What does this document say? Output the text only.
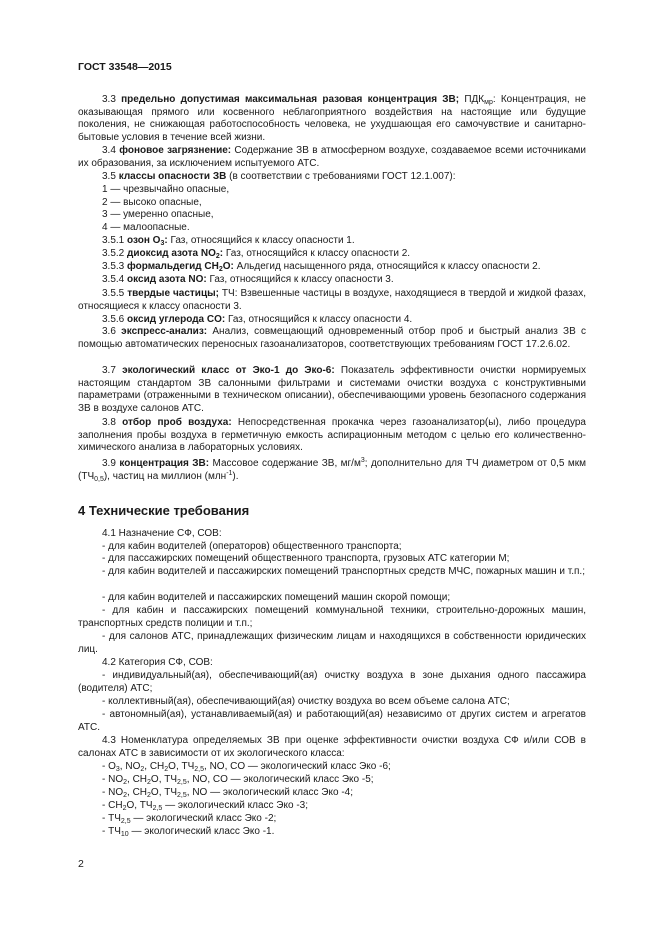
ГОСТ 33548—2015

3.3 предельно допустимая максимальная разовая концентрация ЗВ; $ПДК_{мр}$: Концентрация, не оказывающая прямого или косвенного неблагоприятного воздействия на настоящие или будущие поколения, не снижающая работоспособность человека, не ухудшающая его самочувствие и санитарно-бытовые условия в течение всей жизни.

3.4 фоновое загрязнение: Содержание ЗВ в атмосферном воздухе, создаваемое всеми источниками их образования, за исключением испытуемого АТС.

3.5 классы опасности ЗВ (в соответствии с требованиями ГОСТ 12.1.007):

1 — чрезвычайно опасные,

2 — высоко опасные,

3 — умеренно опасные,

4 — малоопасные.

3.5.1 озон $О_3$: Газ, относящийся к классу опасности 1.

3.5.2 диоксид азота $NO_2$: Газ, относящийся к классу опасности 2.

3.5.3 формальдегид $CH_2O$: Альдегид насыщенного ряда, относящийся к классу опасности 2.

3.5.4 оксид азота NO: Газ, относящийся к классу опасности 3.

3.5.5 твердые частицы; ТЧ: Взвешенные частицы в воздухе, находящиеся в твердой и жидкой фазах, относящиеся к классу опасности 3.

3.5.6 оксид углерода CO: Газ, относящийся к классу опасности 4.

3.6 экспресс-анализ: Анализ, совмещающий одновременный отбор проб и быстрый анализ ЗВ с помощью автоматических переносных газоанализаторов, соответствующих требованиям ГОСТ 17.2.6.02.

3.7 экологический класс от Эко-1 до Эко-6: Показатель эффективности очистки нормируемых настоящим стандартом ЗВ салонными фильтрами и системами очистки воздуха с конструктивными параметрами (отраженными в техническом описании), обеспечивающими уровень безопасного содержания ЗВ в воздухе салонов АТС.

3.8 отбор проб воздуха: Непосредственная прокачка через газоанализатор(ы), либо процедура заполнения пробы воздуха в герметичную емкость аспирационным методом с целью его количественно-химического анализа в лабораторных условиях.

3.9 концентрация ЗВ: Массовое содержание ЗВ, $мг/м^3$; дополнительно для ТЧ диаметром от 0,5 мкм $(ТЧ_{0,5})$, частиц на миллион (млн$^{-1}$).

4 Технические требования

4.1 Назначение СФ, СОВ:

- для кабин водителей (операторов) общественного транспорта;

- для пассажирских помещений общественного транспорта, грузовых АТС категории М;

- для кабин водителей и пассажирских помещений транспортных средств МЧС, пожарных машин и т.п.;

- для кабин водителей и пассажирских помещений машин скорой помощи;

- для кабин и пассажирских помещений коммунальной техники, строительно-дорожных машин, транспортных средств полиции и т.п.;

- для салонов АТС, принадлежащих физическим лицам и находящихся в собственности юридических лиц.

4.2 Категория СФ, СОВ:

- индивидуальный(ая), обеспечивающий(ая) очистку воздуха в зоне дыхания одного пассажира (водителя) АТС;

- коллективный(ая), обеспечивающий(ая) очистку воздуха во всем объеме салона АТС;

- автономный(ая), устанавливаемый(ая) и работающий(ая) независимо от других систем и агрегатов АТС.

4.3 Номенклатура определяемых ЗВ при оценке эффективности очистки воздуха СФ и/или СОВ в салонах АТС в зависимости от их экологического класса:

- $O_3$, $NO_2$, $CH_2O$, $ТЧ_{2,5}$, NO, CO — экологический класс Эко -6;

- $NO_2$, $CH_2O$, $ТЧ_{2,5}$, NO, CO — экологический класс Эко -5;

- $NO_2$, $CH_2O$, $ТЧ_{2,5}$, NO — экологический класс Эко -4;

- $CH_2O$, $ТЧ_{2,5}$ — экологический класс Эко -3;

- $ТЧ_{2,5}$ — экологический класс Эко -2;

- $ТЧ_{10}$ — экологический класс Эко -1.

2
